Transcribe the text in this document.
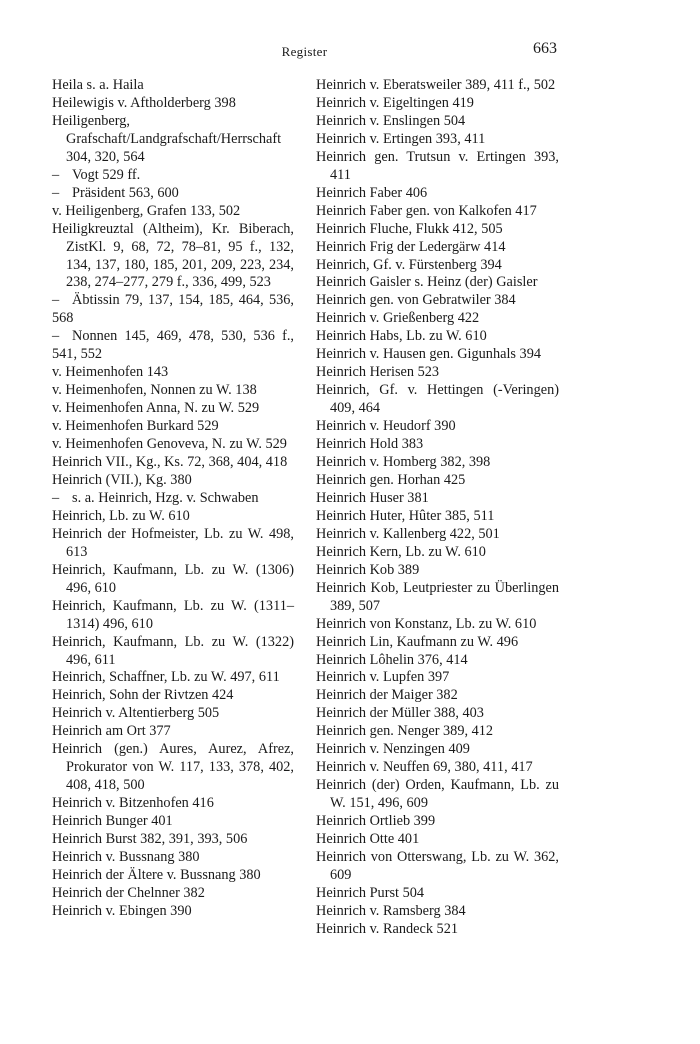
Register	663
Heila s. a. Haila
Heilewigis v. Aftholderberg 398
Heiligenberg, Grafschaft/Landgrafschaft/Herrschaft 304, 320, 564
– Vogt 529 ff.
– Präsident 563, 600
v. Heiligenberg, Grafen 133, 502
Heiligkreuztal (Altheim), Kr. Biberach, ZistKl. 9, 68, 72, 78–81, 95 f., 132, 134, 137, 180, 185, 201, 209, 223, 234, 238, 274–277, 279 f., 336, 499, 523
– Äbtissin 79, 137, 154, 185, 464, 536, 568
– Nonnen 145, 469, 478, 530, 536 f., 541, 552
v. Heimenhofen 143
v. Heimenhofen, Nonnen zu W. 138
v. Heimenhofen Anna, N. zu W. 529
v. Heimenhofen Burkard 529
v. Heimenhofen Genoveva, N. zu W. 529
Heinrich VII., Kg., Ks. 72, 368, 404, 418
Heinrich (VII.), Kg. 380
– s. a. Heinrich, Hzg. v. Schwaben
Heinrich, Lb. zu W. 610
Heinrich der Hofmeister, Lb. zu W. 498, 613
Heinrich, Kaufmann, Lb. zu W. (1306) 496, 610
Heinrich, Kaufmann, Lb. zu W. (1311–1314) 496, 610
Heinrich, Kaufmann, Lb. zu W. (1322) 496, 611
Heinrich, Schaffner, Lb. zu W. 497, 611
Heinrich, Sohn der Rivtzen 424
Heinrich v. Altentierberg 505
Heinrich am Ort 377
Heinrich (gen.) Aures, Aurez, Afrez, Prokurator von W. 117, 133, 378, 402, 408, 418, 500
Heinrich v. Bitzenhofen 416
Heinrich Bunger 401
Heinrich Burst 382, 391, 393, 506
Heinrich v. Bussnang 380
Heinrich der Ältere v. Bussnang 380
Heinrich der Chelnner 382
Heinrich v. Ebingen 390
Heinrich v. Eberatsweiler 389, 411 f., 502
Heinrich v. Eigeltingen 419
Heinrich v. Enslingen 504
Heinrich v. Ertingen 393, 411
Heinrich gen. Trutsun v. Ertingen 393, 411
Heinrich Faber 406
Heinrich Faber gen. von Kalkofen 417
Heinrich Fluche, Flukk 412, 505
Heinrich Frig der Ledergärw 414
Heinrich, Gf. v. Fürstenberg 394
Heinrich Gaisler s. Heinz (der) Gaisler
Heinrich gen. von Gebratwiler 384
Heinrich v. Grießenberg 422
Heinrich Habs, Lb. zu W. 610
Heinrich v. Hausen gen. Gigunhals 394
Heinrich Herisen 523
Heinrich, Gf. v. Hettingen (-Veringen) 409, 464
Heinrich v. Heudorf 390
Heinrich Hold 383
Heinrich v. Homberg 382, 398
Heinrich gen. Horhan 425
Heinrich Huser 381
Heinrich Huter, Hûter 385, 511
Heinrich v. Kallenberg 422, 501
Heinrich Kern, Lb. zu W. 610
Heinrich Kob 389
Heinrich Kob, Leutpriester zu Überlingen 389, 507
Heinrich von Konstanz, Lb. zu W. 610
Heinrich Lin, Kaufmann zu W. 496
Heinrich Lôhelin 376, 414
Heinrich v. Lupfen 397
Heinrich der Maiger 382
Heinrich der Müller 388, 403
Heinrich gen. Nenger 389, 412
Heinrich v. Nenzingen 409
Heinrich v. Neuffen 69, 380, 411, 417
Heinrich (der) Orden, Kaufmann, Lb. zu W. 151, 496, 609
Heinrich Ortlieb 399
Heinrich Otte 401
Heinrich von Otterswang, Lb. zu W. 362, 609
Heinrich Purst 504
Heinrich v. Ramsberg 384
Heinrich v. Randeck 521
